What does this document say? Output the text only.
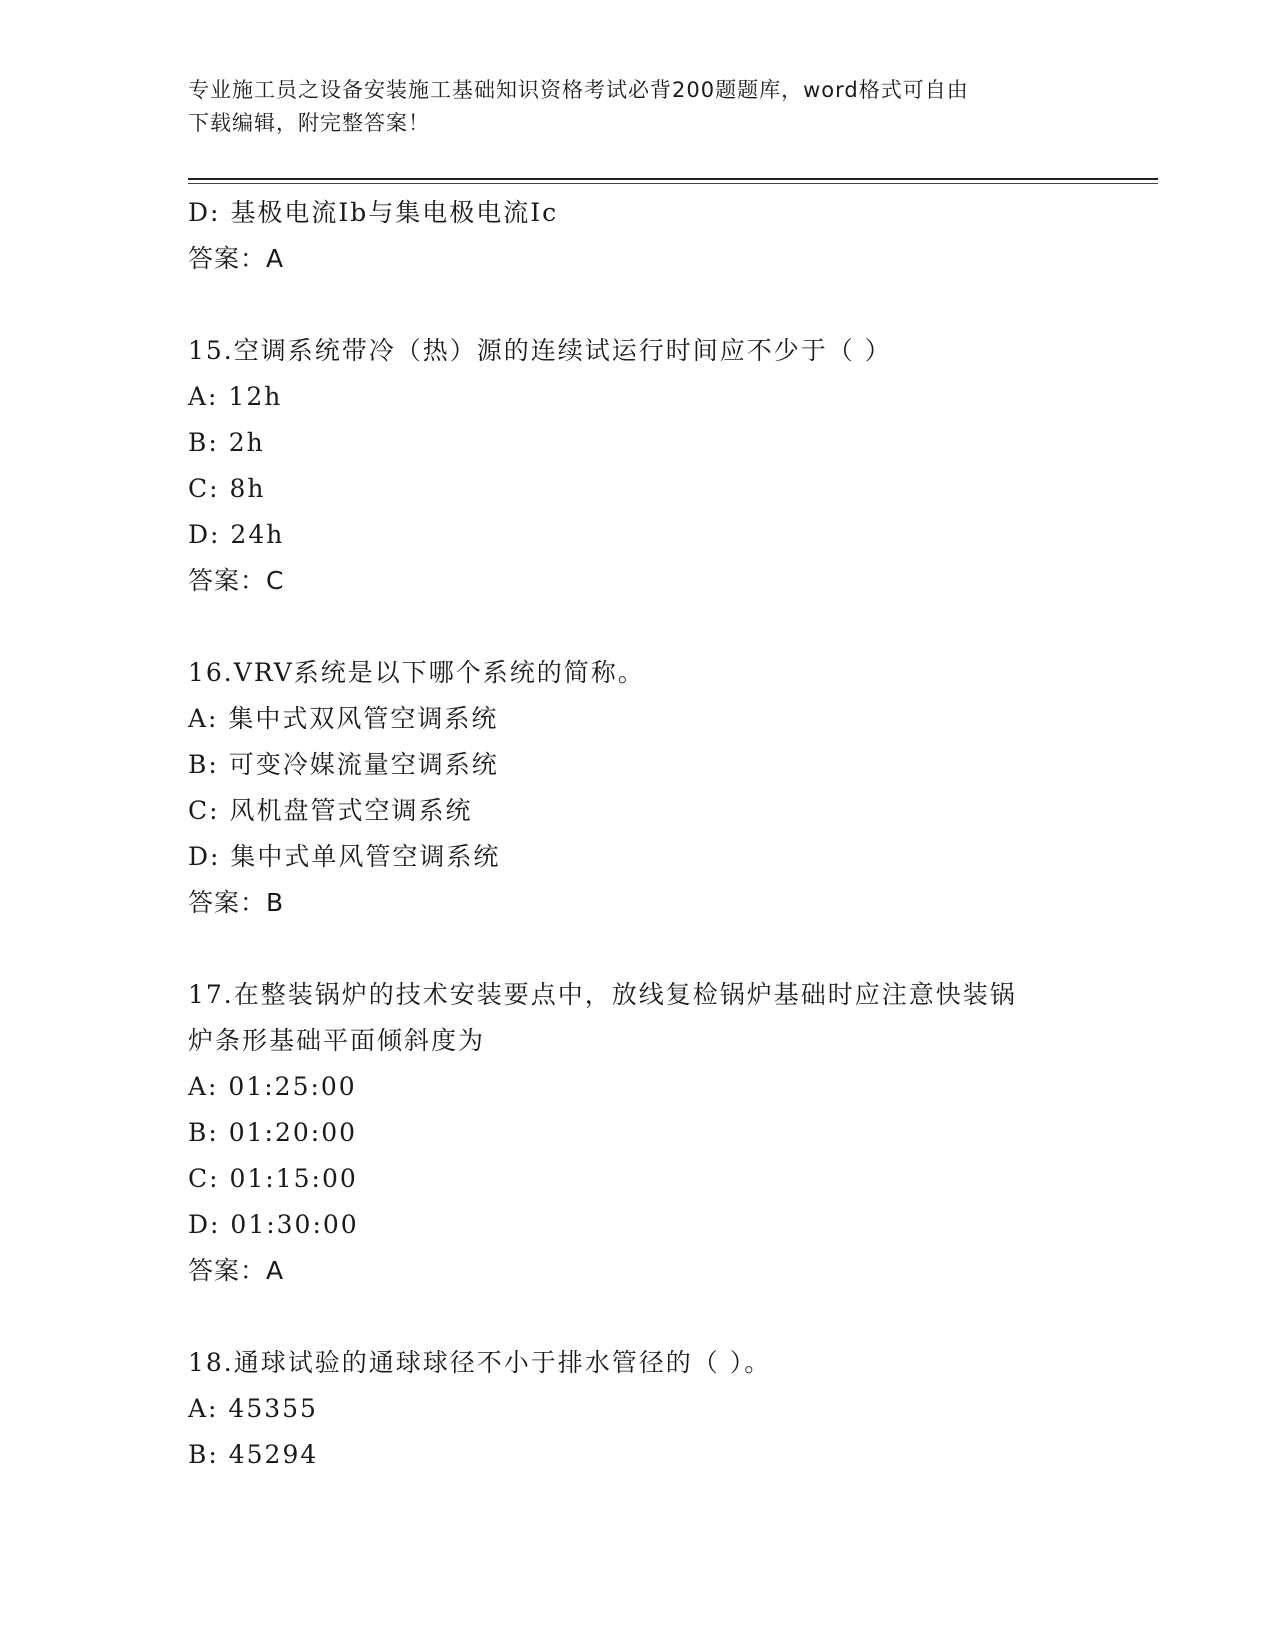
专业施工员之设备安装施工基础知识资格考试必背200题题库，word格式可自由
下载编辑，附完整答案！
D: 基极电流Ib与集电极电流Ic
答案：A
15.空调系统带冷（热）源的连续试运行时间应不少于（ ）
A: 12h
B: 2h
C: 8h
D: 24h
答案：C
16.VRV系统是以下哪个系统的简称。
A: 集中式双风管空调系统
B: 可变冷媒流量空调系统
C: 风机盘管式空调系统
D: 集中式单风管空调系统
答案：B
17.在整装锅炉的技术安装要点中，放线复检锅炉基础时应注意快装锅
炉条形基础平面倾斜度为
A: 01:25:00
B: 01:20:00
C: 01:15:00
D: 01:30:00
答案：A
18.通球试验的通球球径不小于排水管径的（ ）。
A: 45355
B: 45294
